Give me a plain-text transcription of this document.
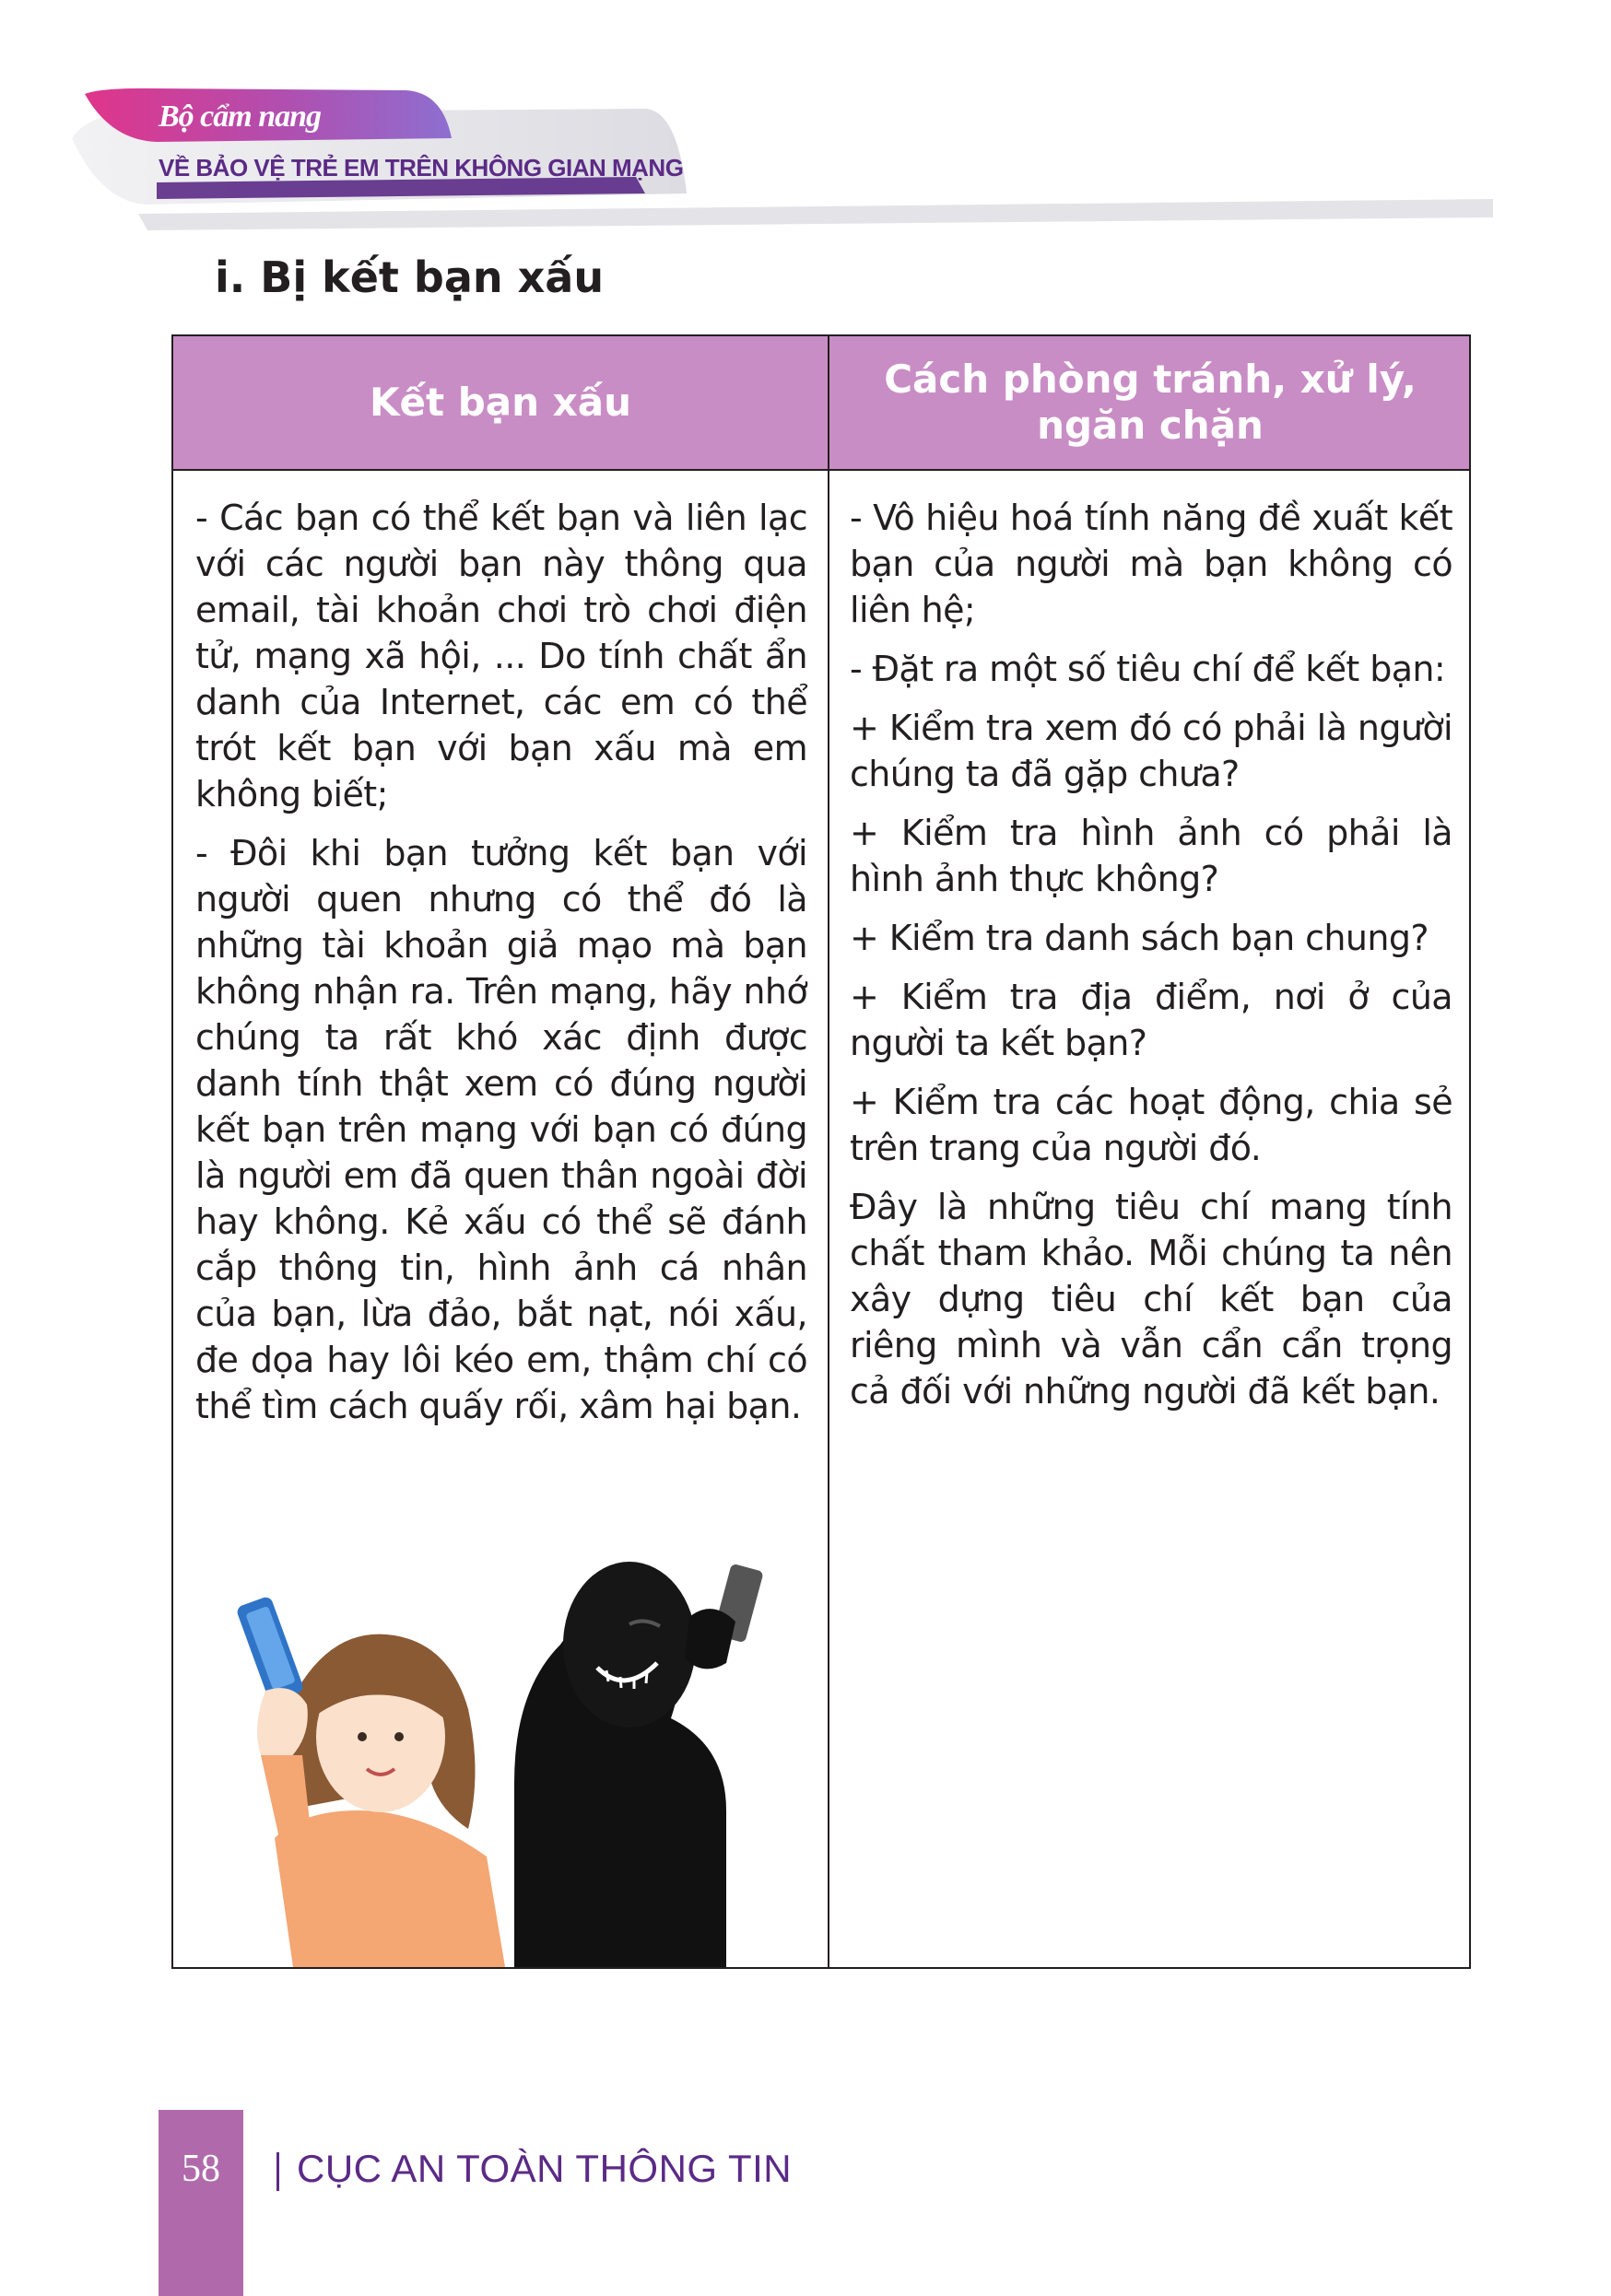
Bộ cẩm nang
VỀ BẢO VỆ TRẺ EM TRÊN KHÔNG GIAN MẠNG
i. Bị kết bạn xấu
Kết bạn xấu
Cách phòng tránh, xử lý, ngăn chặn

- Các bạn có thể kết bạn và liên lạc với các người bạn này thông qua email, tài khoản chơi trò chơi điện tử, mạng xã hội, ... Do tính chất ẩn danh của Internet, các em có thể trót kết bạn với bạn xấu mà em không biết;

- Đôi khi bạn tưởng kết bạn với người quen nhưng có thể đó là những tài khoản giả mạo mà bạn không nhận ra. Trên mạng, hãy nhớ chúng ta rất khó xác định được danh tính thật xem có đúng người kết bạn trên mạng với bạn có đúng là người em đã quen thân ngoài đời hay không. Kẻ xấu có thể sẽ đánh cắp thông tin, hình ảnh cá nhân của bạn, lừa đảo, bắt nạt, nói xấu, đe dọa hay lôi kéo em, thậm chí có thể tìm cách quấy rối, xâm hại bạn.

- Vô hiệu hoá tính năng đề xuất kết bạn của người mà bạn không có liên hệ;

- Đặt ra một số tiêu chí để kết bạn:

+ Kiểm tra xem đó có phải là người chúng ta đã gặp chưa?

+ Kiểm tra hình ảnh có phải là hình ảnh thực không?

+ Kiểm tra danh sách bạn chung?

+ Kiểm tra địa điểm, nơi ở của người ta kết bạn?

+ Kiểm tra các hoạt động, chia sẻ trên trang của người đó.

Đây là những tiêu chí mang tính chất tham khảo. Mỗi chúng ta nên xây dựng tiêu chí kết bạn của riêng mình và vẫn cẩn cẩn trọng cả đối với những người đã kết bạn.

58	CỤC AN TOÀN THÔNG TIN
